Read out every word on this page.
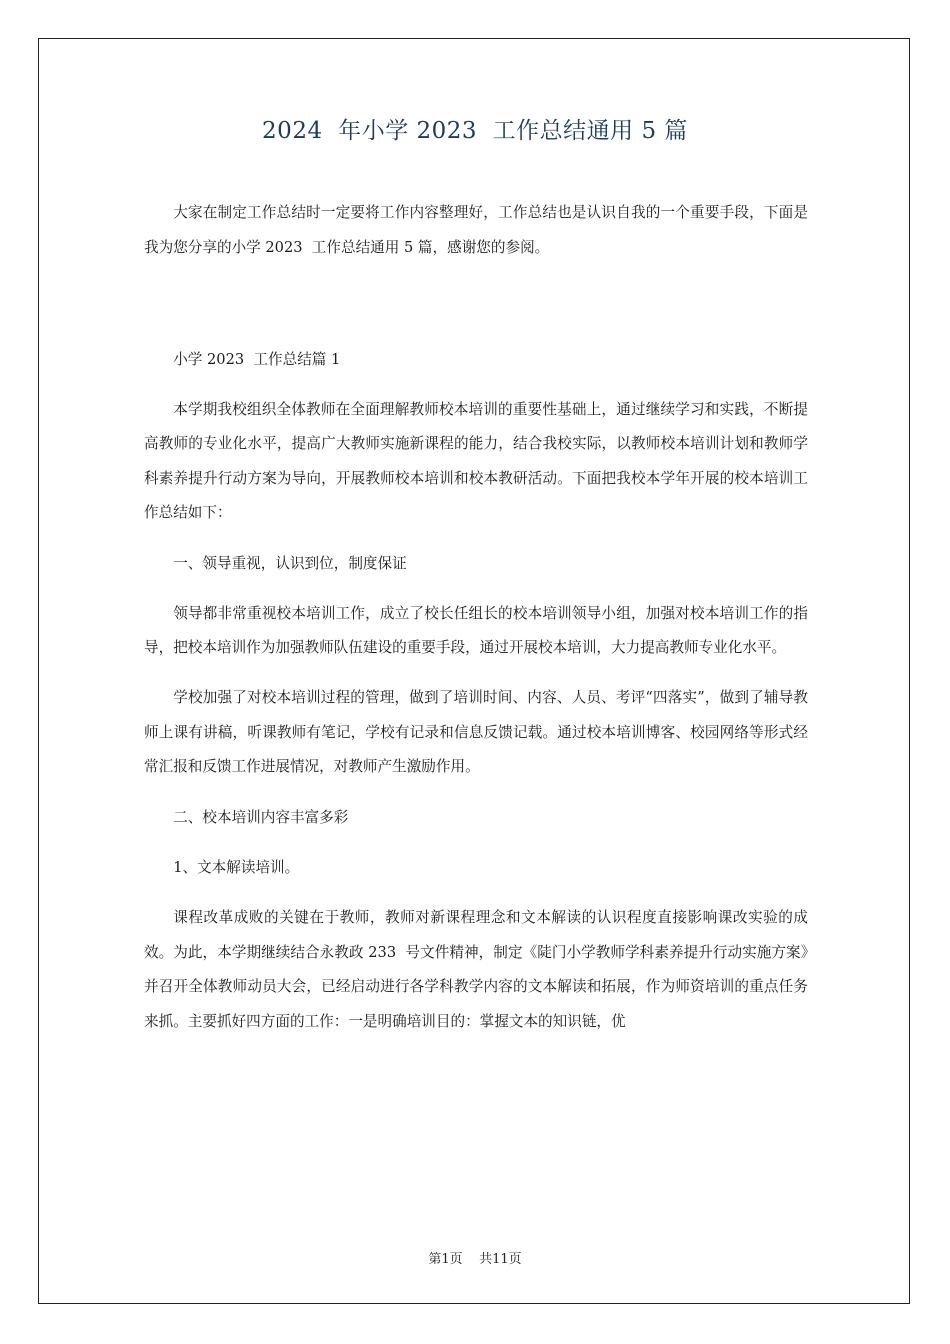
2024  年小学 2023  工作总结通用 5 篇

大家在制定工作总结时一定要将工作内容整理好，工作总结也是认识自我的一个重要手段，下面是我为您分享的小学 2023  工作总结通用 5 篇，感谢您的参阅。

小学 2023  工作总结篇 1

本学期我校组织全体教师在全面理解教师校本培训的重要性基础上，通过继续学习和实践，不断提高教师的专业化水平，提高广大教师实施新课程的能力，结合我校实际，以教师校本培训计划和教师学科素养提升行动方案为导向，开展教师校本培训和校本教研活动。下面把我校本学年开展的校本培训工作总结如下：

一、领导重视，认识到位，制度保证

领导都非常重视校本培训工作，成立了校长任组长的校本培训领导小组，加强对校本培训工作的指导，把校本培训作为加强教师队伍建设的重要手段，通过开展校本培训，大力提高教师专业化水平。

学校加强了对校本培训过程的管理，做到了培训时间、内容、人员、考评“四落实”，做到了辅导教师上课有讲稿，听课教师有笔记，学校有记录和信息反馈记载。通过校本培训博客、校园网络等形式经常汇报和反馈工作进展情况，对教师产生激励作用。

二、校本培训内容丰富多彩

1、文本解读培训。

课程改革成败的关键在于教师，教师对新课程理念和文本解读的认识程度直接影响课改实验的成效。为此，本学期继续结合永教政 233  号文件精神，制定《陡门小学教师学科素养提升行动实施方案》并召开全体教师动员大会，已经启动进行各学科教学内容的文本解读和拓展，作为师资培训的重点任务来抓。主要抓好四方面的工作：一是明确培训目的：掌握文本的知识链，优

第1页    共11页
